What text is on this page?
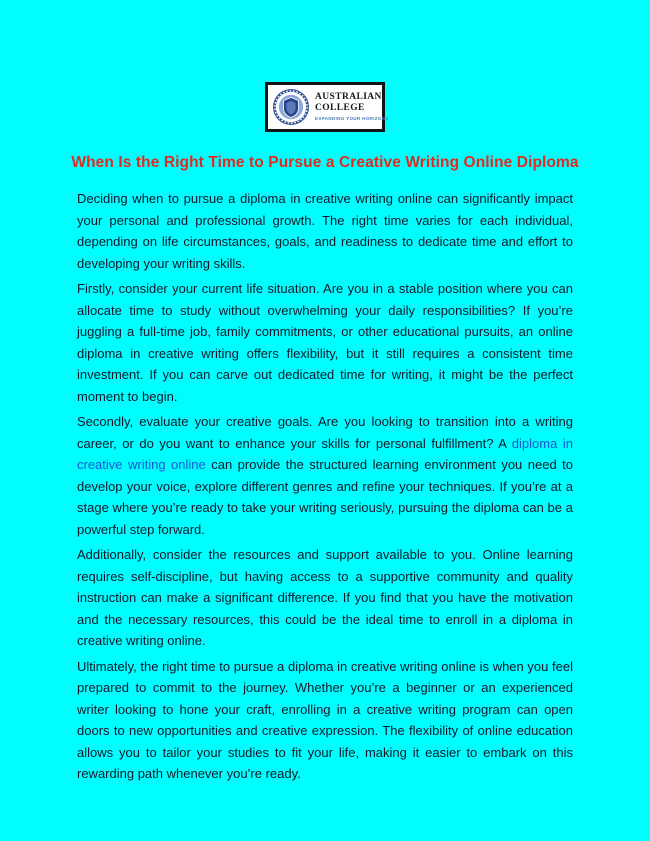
AUSTRALIAN
COLLEGE
EXPANDING YOUR HORIZONS
When Is the Right Time to Pursue a Creative Writing Online Diploma

Deciding when to pursue a diploma in creative writing online can significantly impact your personal and professional growth. The right time varies for each individual, depending on life circumstances, goals, and readiness to dedicate time and effort to developing your writing skills.

Firstly, consider your current life situation. Are you in a stable position where you can allocate time to study without overwhelming your daily responsibilities? If you’re juggling a full-time job, family commitments, or other educational pursuits, an online diploma in creative writing offers flexibility, but it still requires a consistent time investment. If you can carve out dedicated time for writing, it might be the perfect moment to begin.

Secondly, evaluate your creative goals. Are you looking to transition into a writing career, or do you want to enhance your skills for personal fulfillment? A diploma in creative writing online can provide the structured learning environment you need to develop your voice, explore different genres and refine your techniques. If you’re at a stage where you’re ready to take your writing seriously, pursuing the diploma can be a powerful step forward.

Additionally, consider the resources and support available to you. Online learning requires self-discipline, but having access to a supportive community and quality instruction can make a significant difference. If you find that you have the motivation and the necessary resources, this could be the ideal time to enroll in a diploma in creative writing online.

Ultimately, the right time to pursue a diploma in creative writing online is when you feel prepared to commit to the journey. Whether you’re a beginner or an experienced writer looking to hone your craft, enrolling in a creative writing program can open doors to new opportunities and creative expression. The flexibility of online education allows you to tailor your studies to fit your life, making it easier to embark on this rewarding path whenever you’re ready.
